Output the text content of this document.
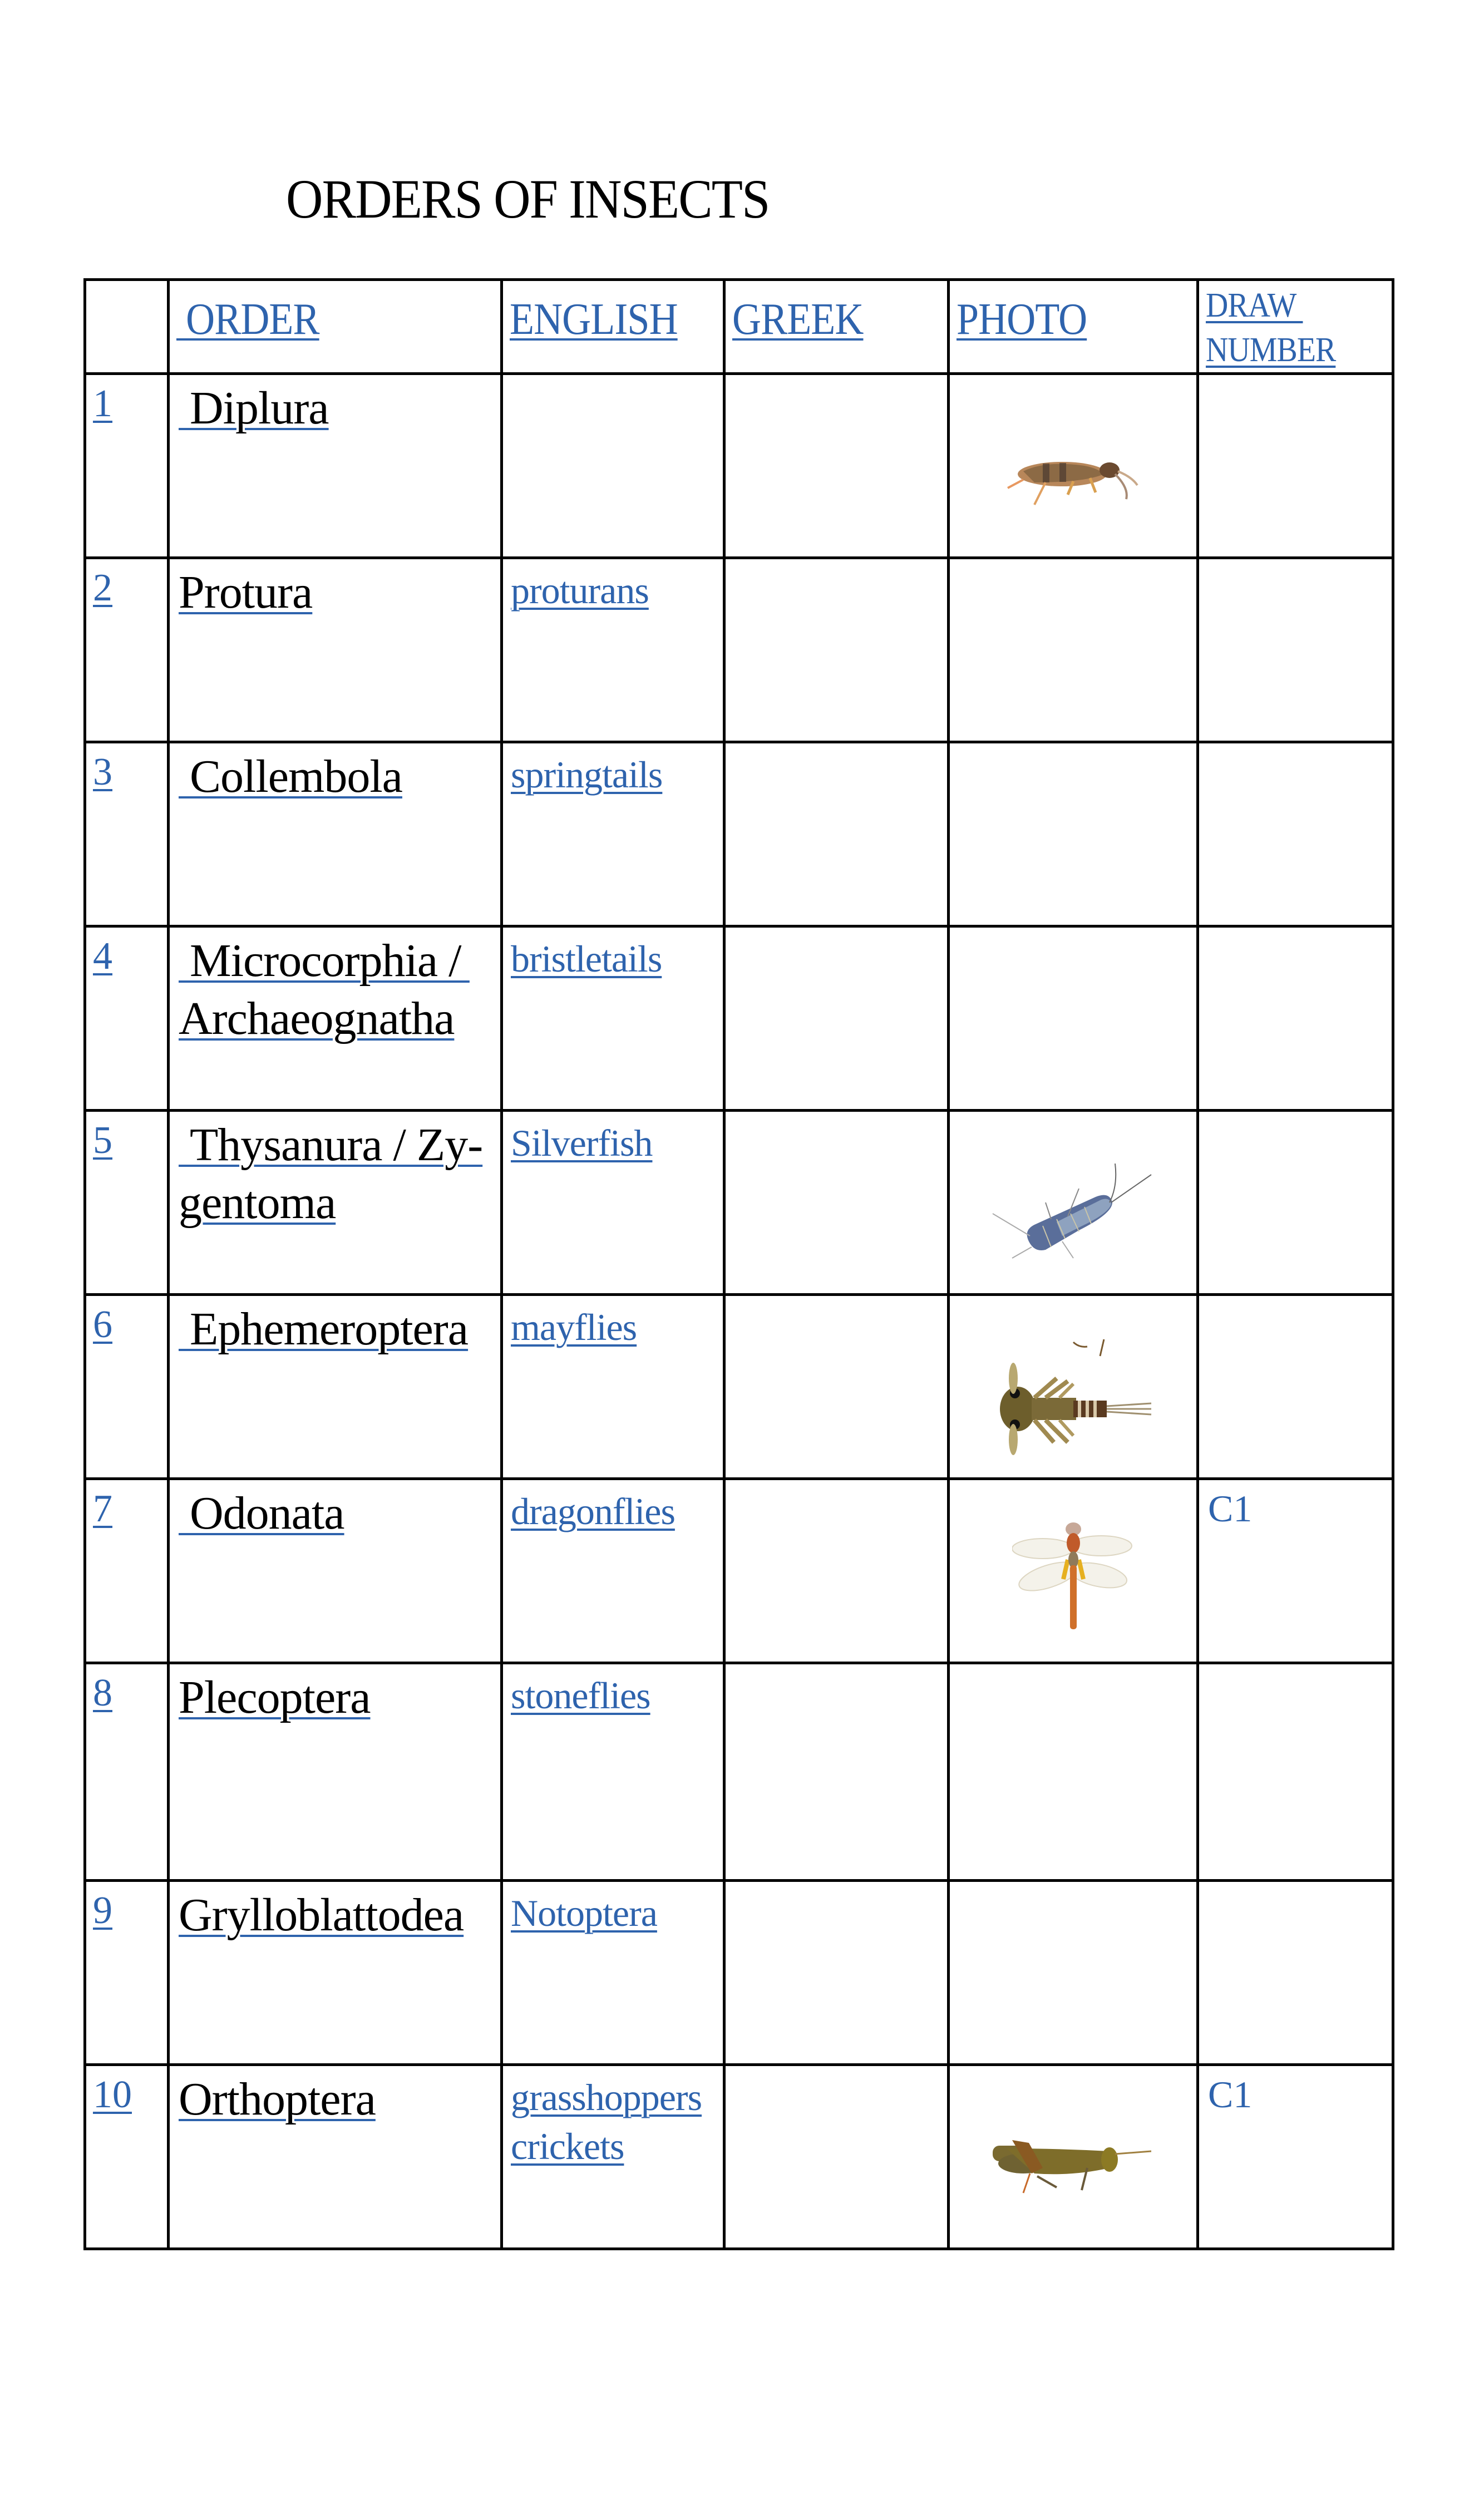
ORDERS OF INSECTS
	ORDER	ENGLISH	GREEK	PHOTO	DRAW
NUMBER
1	Diplura

2	Protura	proturans			

3	Collembola	springtails			

4	Microcorphia / Archaeognatha	bristletails			

5	Thysanura / Zy-gentoma	Silverfish

6	Ephemeroptera	mayflies

7	Odonata	dragonflies			C1
8	Plecoptera	stoneflies			

9	Grylloblattodea	Notoptera			

10	Orthoptera	grasshoppers
crickets			C1
